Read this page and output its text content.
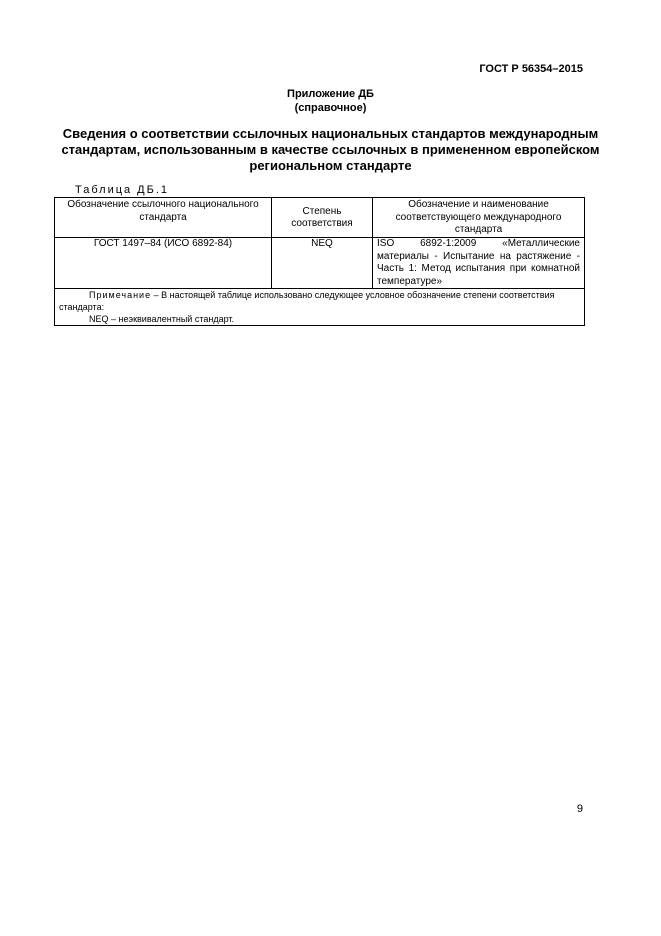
ГОСТ Р 56354–2015
Приложение ДБ
(справочное)
Сведения о соответствии ссылочных национальных стандартов международным стандартам, использованным в качестве ссылочных в примененном европейском региональном стандарте
Таблица ДБ.1
Обозначение ссылочного национального стандарта	Степень соответствия	Обозначение и наименование соответствующего международного стандарта
ГОСТ 1497–84 (ИСО 6892-84)	NEQ	ISO 6892-1:2009 «Металлические материалы - Испытание на растяжение - Часть 1: Метод испытания при комнатной температуре»

Примечание – В настоящей таблице использовано следующее условное обозначение степени соответствия стандарта:
NEQ – неэквивалентный стандарт.		
9
